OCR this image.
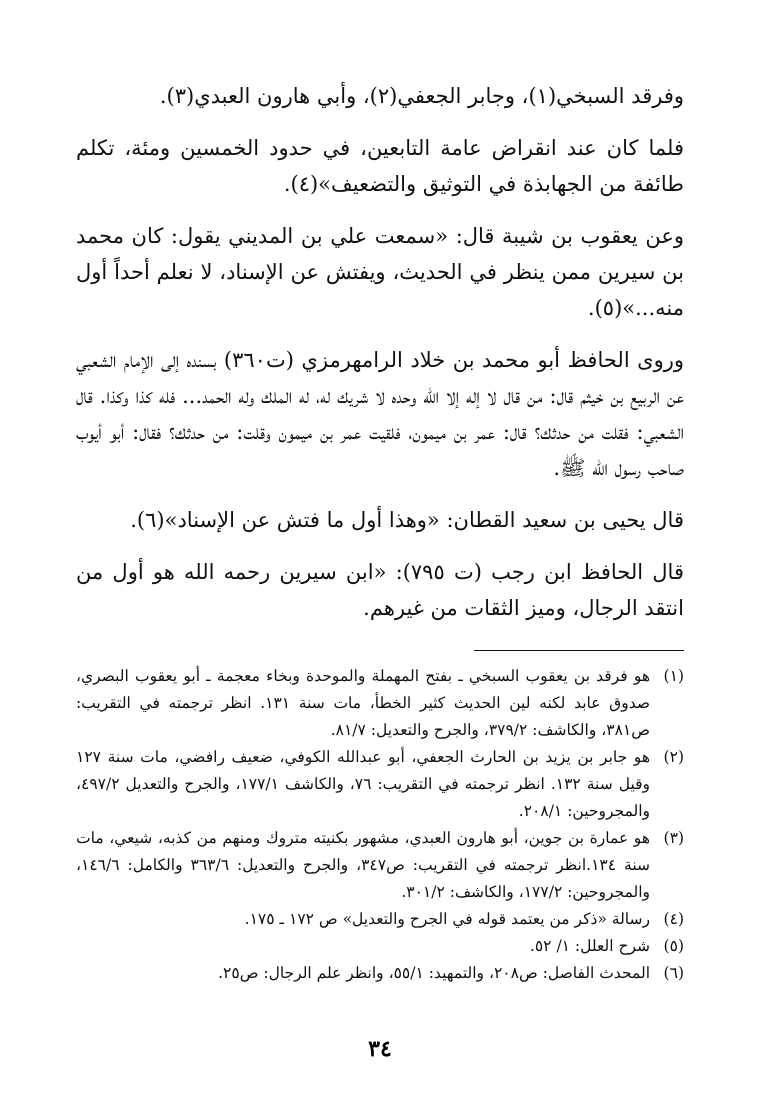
وفرقد السبخي(١)، وجابر الجعفي(٢)، وأبي هارون العبدي(٣).

فلما كان عند انقراض عامة التابعين، في حدود الخمسين ومئة، تكلم طائفة من الجهابذة في التوثيق والتضعيف»(٤).

وعن يعقوب بن شيبة قال: «سمعت علي بن المديني يقول: كان محمد بن سيرين ممن ينظر في الحديث، ويفتش عن الإسناد، لا نعلم أحداً أول منه...»(٥).

وروى الحافظ أبو محمد بن خلاد الرامهرمزي (ت٣٦٠) بسنده إلى الإمام الشعبي عن الربيع بن خيثم قال: من قال لا إله إلا الله وحده لا شريك له، له الملك وله الحمد... فله كذا وكذا. قال الشعبي: فقلت من حدثك؟ قال: عمر بن ميمون، فلقيت عمر بن ميمون وقلت: من حدثك؟ فقال: أبو أيوب صاحب رسول الله ﷺ.

قال يحيى بن سعيد القطان: «وهذا أول ما فتش عن الإسناد»(٦).

قال الحافظ ابن رجب (ت ٧٩٥): «ابن سيرين رحمه الله هو أول من انتقد الرجال، وميز الثقات من غيرهم.

(١)
هو فرقد بن يعقوب السبخي ـ بفتح المهملة والموحدة وبخاء معجمة ـ أبو يعقوب البصري، صدوق عابد لكنه لين الحديث كثير الخطأ، مات سنة ١٣١. انظر ترجمته في التقريب: ص٣٨١، والكاشف: ٣٧٩/٢، والجرح والتعديل: ٨١/٧.
(٢)
هو جابر بن يزيد بن الحارث الجعفي، أبو عبدالله الكوفي، ضعيف رافضي، مات سنة ١٢٧ وقيل سنة ١٣٢. انظر ترجمته في التقريب: ٧٦، والكاشف ١٧٧/١، والجرح والتعديل ٤٩٧/٢، والمجروحين: ٢٠٨/١.
(٣)
هو عمارة بن جوين، أبو هارون العبدي، مشهور بكنيته متروك ومنهم من كذبه، شيعي، مات سنة ١٣٤.انظر ترجمته في التقريب: ص٣٤٧، والجرح والتعديل: ٣٦٣/٦ والكامل: ١٤٦/٦، والمجروحين: ١٧٧/٢، والكاشف: ٣٠١/٢.
(٤)
رسالة «ذكر من يعتمد قوله في الجرح والتعديل» ص ١٧٢ ـ ١٧٥.
(٥)
شرح العلل: ١/ ٥٢.
(٦)
المحدث الفاصل: ص٢٠٨، والتمهيد: ٥٥/١، وانظر علم الرجال: ص٢٥.
٣٤
